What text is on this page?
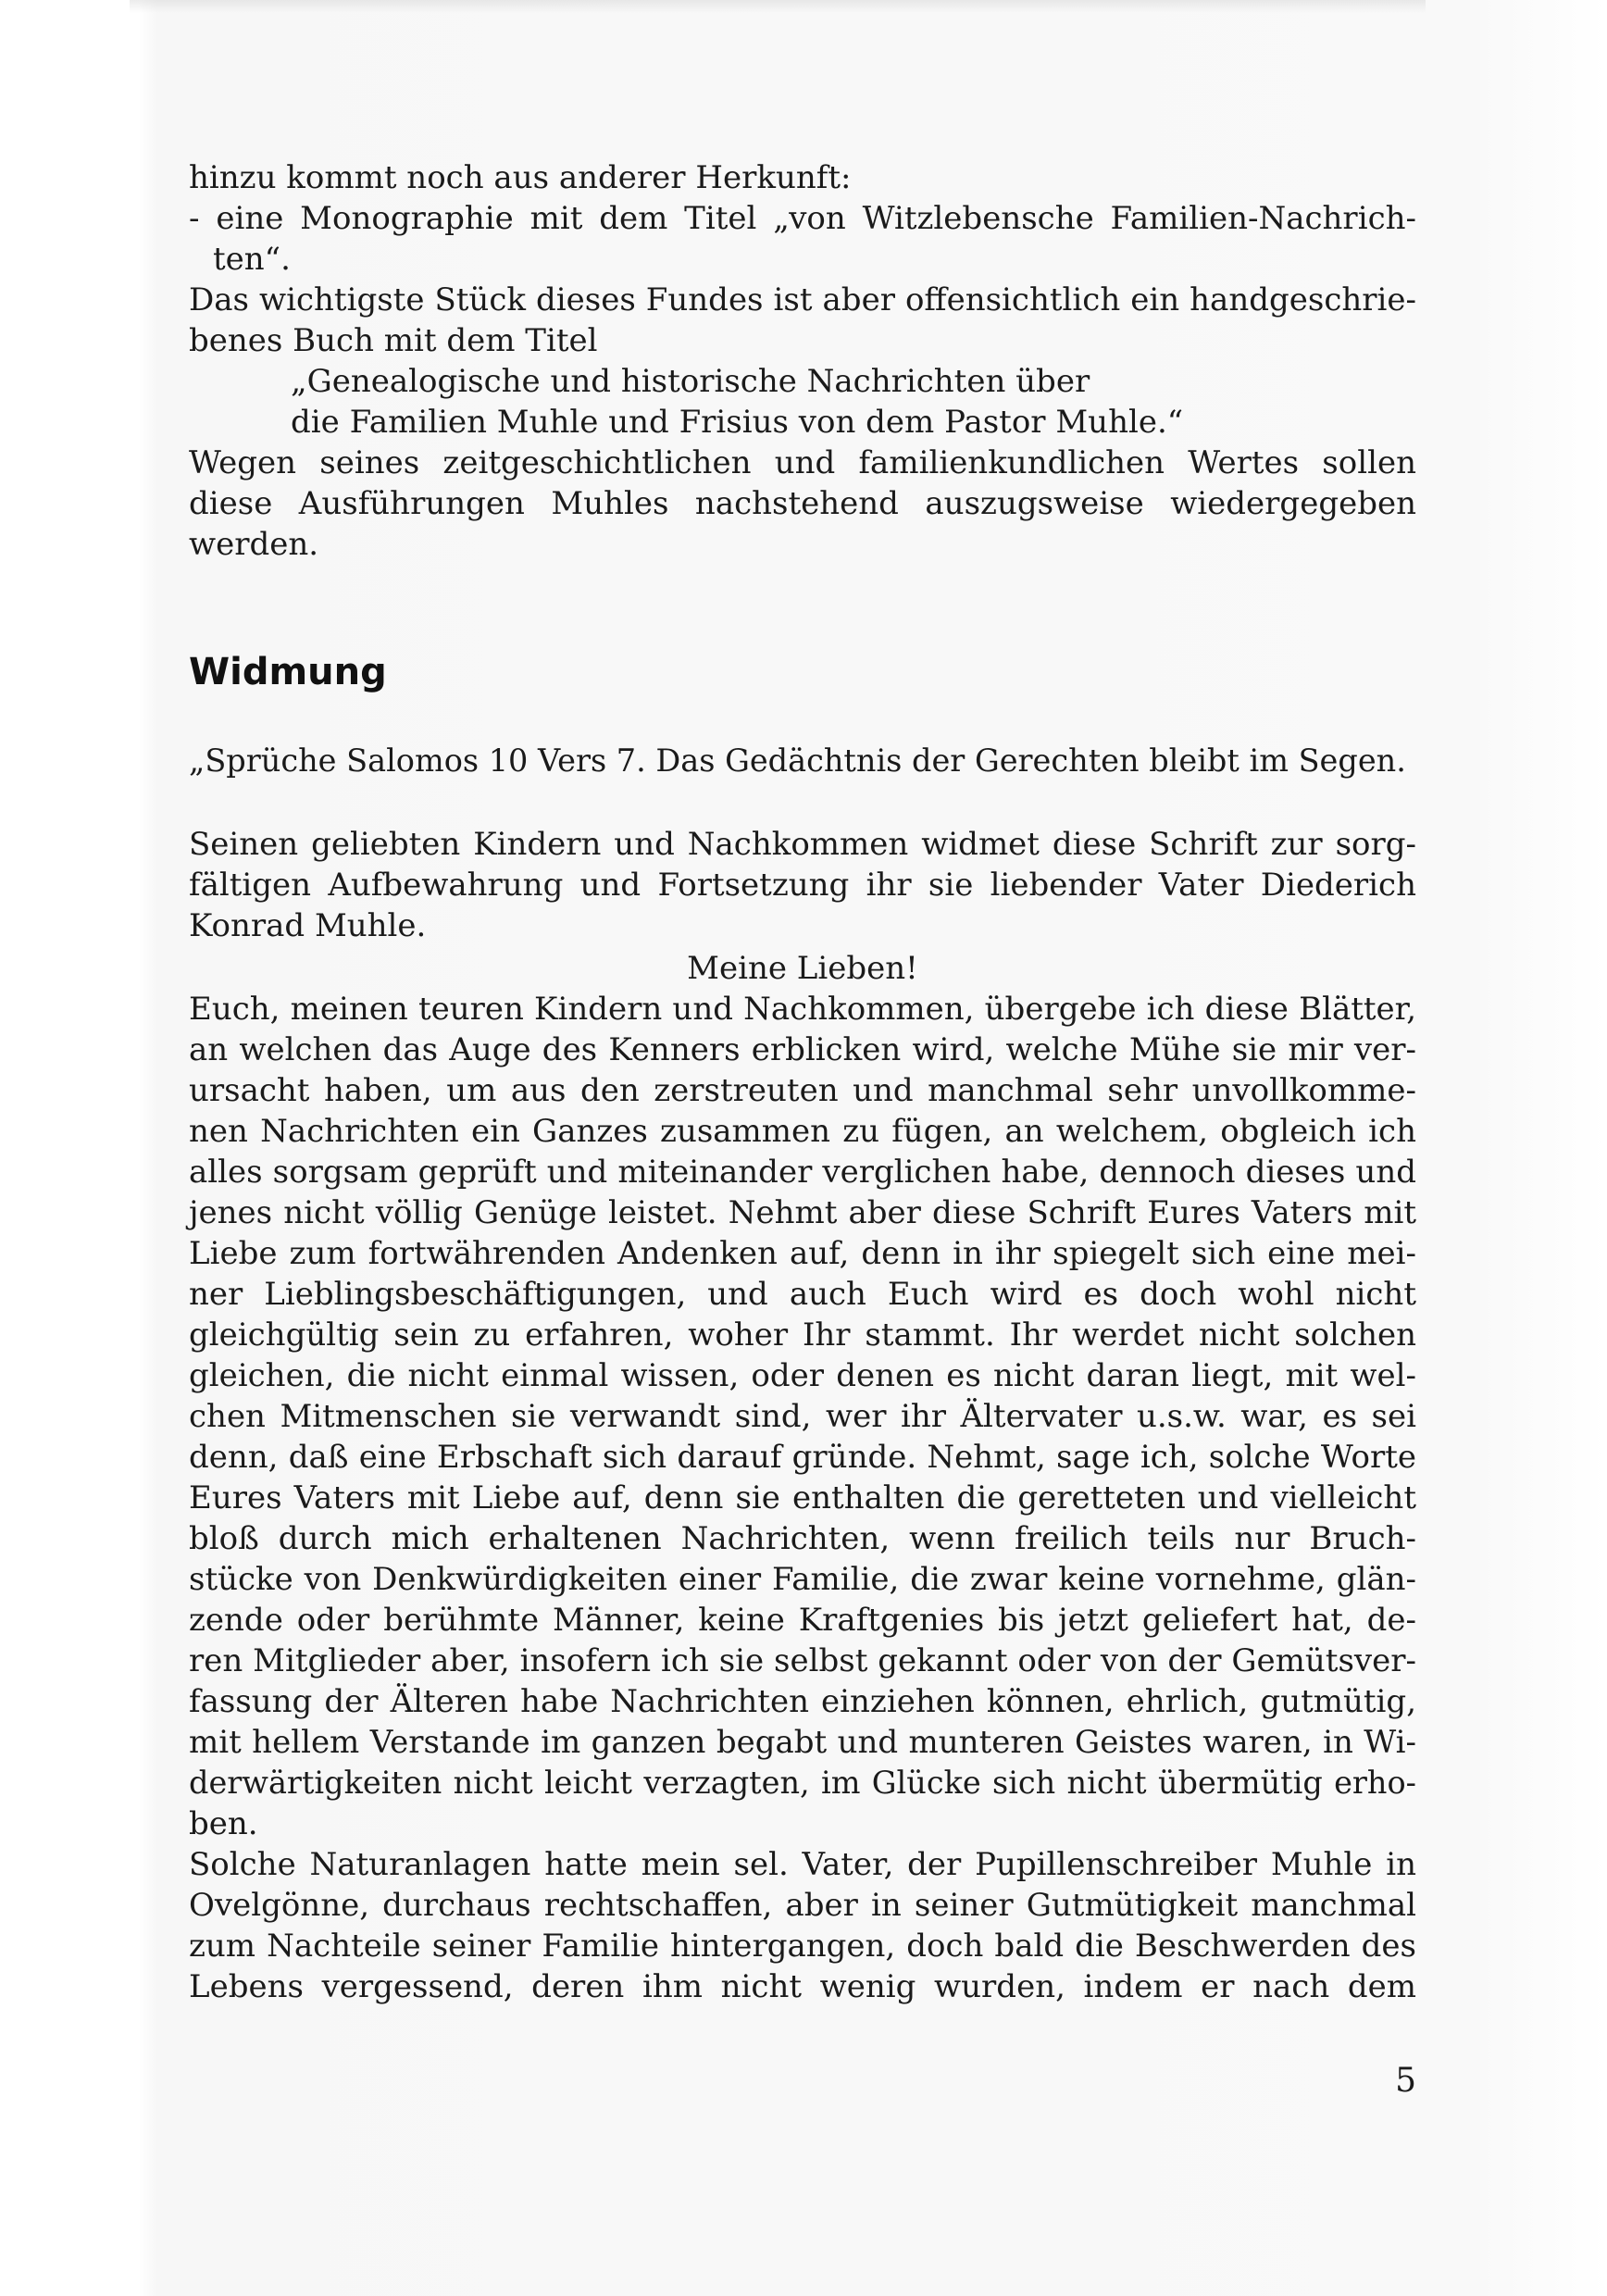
hinzu kommt noch aus anderer Herkunft:
- eine Monographie mit dem Titel „von Witzlebensche Familien-Nachrich-
ten“.
Das wichtigste Stück dieses Fundes ist aber offensichtlich ein handgeschrie-
benes Buch mit dem Titel
„Genealogische und historische Nachrichten über
die Familien Muhle und Frisius von dem Pastor Muhle.“
Wegen seines zeitgeschichtlichen und familienkundlichen Wertes sollen
diese Ausführungen Muhles nachstehend auszugsweise wiedergegeben
werden.
Widmung
„Sprüche Salomos 10 Vers 7. Das Gedächtnis der Gerechten bleibt im Segen.
Seinen geliebten Kindern und Nachkommen widmet diese Schrift zur sorg-
fältigen Aufbewahrung und Fortsetzung ihr sie liebender Vater Diederich
Konrad Muhle.
Meine Lieben!
Euch, meinen teuren Kindern und Nachkommen, übergebe ich diese Blätter,
an welchen das Auge des Kenners erblicken wird, welche Mühe sie mir ver-
ursacht haben, um aus den zerstreuten und manchmal sehr unvollkomme-
nen Nachrichten ein Ganzes zusammen zu fügen, an welchem, obgleich ich
alles sorgsam geprüft und miteinander verglichen habe, dennoch dieses und
jenes nicht völlig Genüge leistet. Nehmt aber diese Schrift Eures Vaters mit
Liebe zum fortwährenden Andenken auf, denn in ihr spiegelt sich eine mei-
ner Lieblingsbeschäftigungen, und auch Euch wird es doch wohl nicht
gleichgültig sein zu erfahren, woher Ihr stammt. Ihr werdet nicht solchen
gleichen, die nicht einmal wissen, oder denen es nicht daran liegt, mit wel-
chen Mitmenschen sie verwandt sind, wer ihr Ältervater u.s.w. war, es sei
denn, daß eine Erbschaft sich darauf gründe. Nehmt, sage ich, solche Worte
Eures Vaters mit Liebe auf, denn sie enthalten die geretteten und vielleicht
bloß durch mich erhaltenen Nachrichten, wenn freilich teils nur Bruch-
stücke von Denkwürdigkeiten einer Familie, die zwar keine vornehme, glän-
zende oder berühmte Männer, keine Kraftgenies bis jetzt geliefert hat, de-
ren Mitglieder aber, insofern ich sie selbst gekannt oder von der Gemütsver-
fassung der Älteren habe Nachrichten einziehen können, ehrlich, gutmütig,
mit hellem Verstande im ganzen begabt und munteren Geistes waren, in Wi-
derwärtigkeiten nicht leicht verzagten, im Glücke sich nicht übermütig erho-
ben.
Solche Naturanlagen hatte mein sel. Vater, der Pupillenschreiber Muhle in
Ovelgönne, durchaus rechtschaffen, aber in seiner Gutmütigkeit manchmal
zum Nachteile seiner Familie hintergangen, doch bald die Beschwerden des
Lebens vergessend, deren ihm nicht wenig wurden, indem er nach dem
5
